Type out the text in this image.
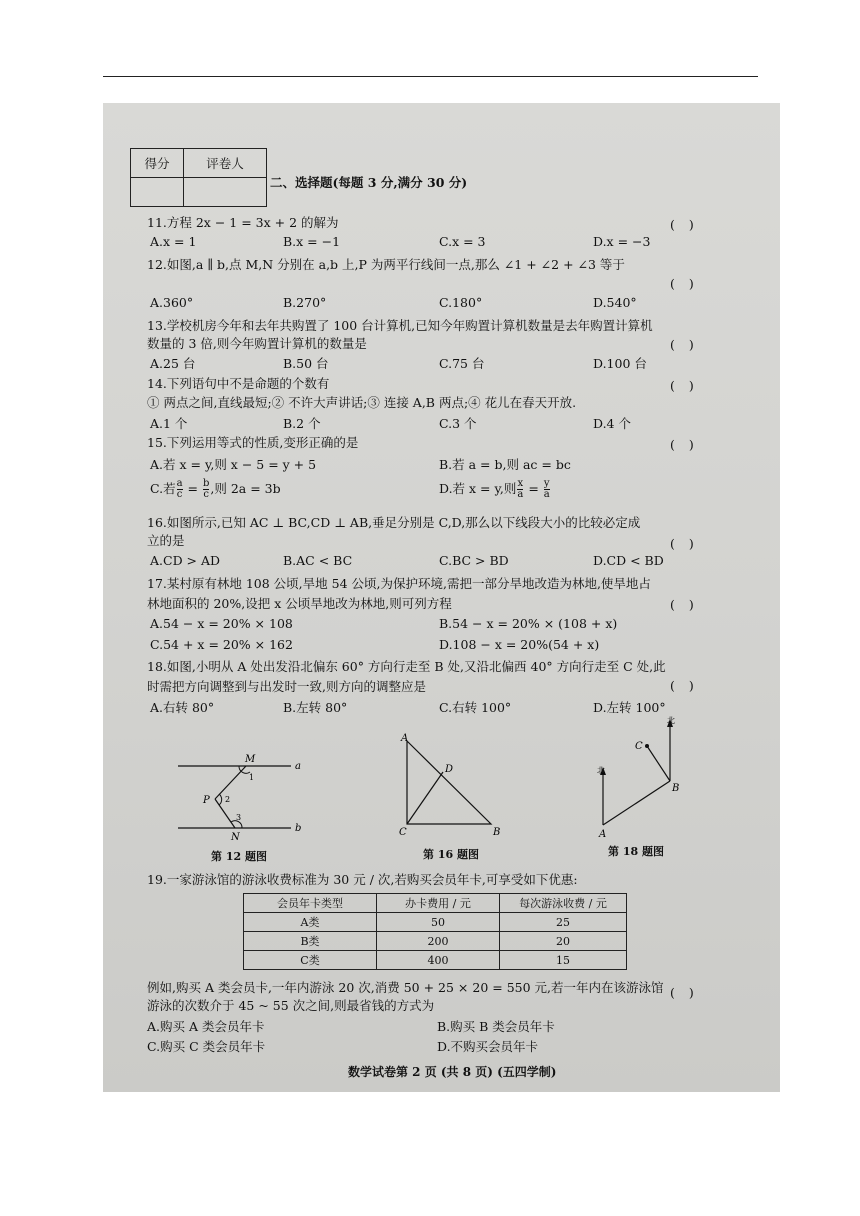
得分	评卷人

二、选择题(每题 3 分,满分 30 分)
11.方程 2x − 1 = 3x + 2 的解为	( )
A.x = 1	B.x = −1	C.x = 3	D.x = −3
12.如图,a ∥ b,点 M,N 分别在 a,b 上,P 为两平行线间一点,那么 ∠1 + ∠2 + ∠3 等于
( )
A.360°	B.270°	C.180°	D.540°
13.学校机房今年和去年共购置了 100 台计算机,已知今年购置计算机数量是去年购置计算机
数量的 3 倍,则今年购置计算机的数量是	( )
A.25 台	B.50 台	C.75 台	D.100 台
14.下列语句中不是命题的个数有	( )
① 两点之间,直线最短;② 不许大声讲话;③ 连接 A,B 两点;④ 花儿在春天开放.
A.1 个	B.2 个	C.3 个	D.4 个
15.下列运用等式的性质,变形正确的是	( )
A.若 x = y,则 x − 5 = y + 5	B.若 a = b,则 ac = bc
C.若 $\frac{a}{c} = \frac{b}{c}$ ,则 2a = 3b	D.若 x = y,则 $\frac{x}{a} = \frac{y}{a}$
16.如图所示,已知 AC ⊥ BC,CD ⊥ AB,垂足分别是 C,D,那么以下线段大小的比较必定成
立的是	( )
A.CD > AD	B.AC < BC	C.BC > BD	D.CD < BD
17.某村原有林地 108 公顷,旱地 54 公顷,为保护环境,需把一部分旱地改造为林地,使旱地占
林地面积的 20%,设把 x 公顷旱地改为林地,则可列方程	( )
A.54 − x = 20% × 108	B.54 − x = 20% × (108 + x)
C.54 + x = 20% × 162	D.108 − x = 20%(54 + x)
18.如图,小明从 A 处出发沿北偏东 60° 方向行走至 B 处,又沿北偏西 40° 方向行走至 C 处,此
时需把方向调整到与出发时一致,则方向的调整应是	( )
A.右转 80°	B.左转 80°	C.右转 100°	D.左转 100°
M
N
P
a
b
1
2
3
第 12 题图
A
B
C
D
第 16 题图
A
B
C
北
北
第 18 题图
19.一家游泳馆的游泳收费标准为 30 元 / 次,若购买会员年卡,可享受如下优惠:
会员年卡类型	办卡费用 / 元	每次游泳收费 / 元
A类	50	25
B类	200	20
C类	400	15
例如,购买 A 类会员卡,一年内游泳 20 次,消费 50 + 25 × 20 = 550 元,若一年内在该游泳馆
游泳的次数介于 45 ~ 55 次之间,则最省钱的方式为
( )
A.购买 A 类会员年卡	B.购买 B 类会员年卡
C.购买 C 类会员年卡	D.不购买会员年卡
数学试卷第 2 页 (共 8 页) (五四学制)
